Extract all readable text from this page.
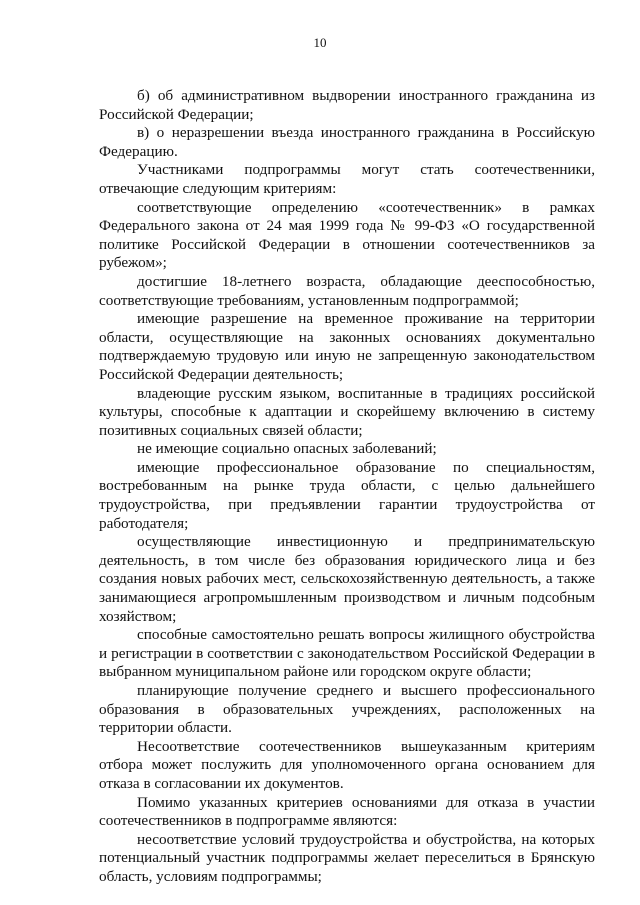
10

б) об административном выдворении иностранного гражданина из Российской Федерации;

в) о неразрешении въезда иностранного гражданина в Российскую Федерацию.

Участниками подпрограммы могут стать соотечественники, отвечающие следующим критериям:

соответствующие определению «соотечественник» в рамках Федерального закона от 24 мая 1999 года № 99-ФЗ «О государственной политике Российской Федерации в отношении соотечественников за рубежом»;

достигшие 18-летнего возраста, обладающие дееспособностью, соответствующие требованиям, установленным подпрограммой;

имеющие разрешение на временное проживание на территории области, осуществляющие на законных основаниях документально подтверждаемую трудовую или иную не запрещенную законодательством Российской Федерации деятельность;

владеющие русским языком, воспитанные в традициях российской культуры, способные к адаптации и скорейшему включению в систему позитивных социальных связей области;

не имеющие социально опасных заболеваний;

имеющие профессиональное образование по специальностям, востребованным на рынке труда области, с целью дальнейшего трудоустройства, при предъявлении гарантии трудоустройства от работодателя;

осуществляющие инвестиционную и предпринимательскую деятельность, в том числе без образования юридического лица и без создания новых рабочих мест, сельскохозяйственную деятельность, а также занимающиеся агропромышленным производством и личным подсобным хозяйством;

способные самостоятельно решать вопросы жилищного обустройства и регистрации в соответствии с законодательством Российской Федерации в выбранном муниципальном районе или городском округе области;

планирующие получение среднего и высшего профессионального образования в образовательных учреждениях, расположенных на территории области.

Несоответствие соотечественников вышеуказанным критериям отбора может послужить для уполномоченного органа основанием для отказа в согласовании их документов.

Помимо указанных критериев основаниями для отказа в участии соотечественников в подпрограмме являются:

несоответствие условий трудоустройства и обустройства, на которых потенциальный участник подпрограммы желает переселиться в Брянскую область, условиям подпрограммы;
